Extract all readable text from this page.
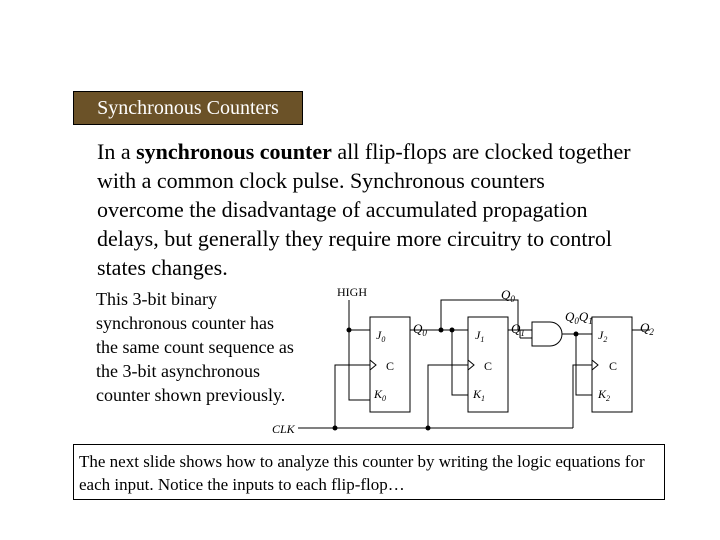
Synchronous Counters
In a synchronous counter all flip-flops are clocked together with a common clock pulse. Synchronous counters overcome the disadvantage of accumulated propagation delays, but generally they require more circuitry to control states changes.
This 3-bit binary synchronous counter has the same count sequence as the 3-bit asynchronous counter shown previously.
HIGH
CLK
$Q_0$
$Q_0Q_1$
$J_0$
C
$K_0$
$Q_0$	$J_1$
C
$K_1$
$Q_1$	$J_2$
C
$K_2$
$Q_2$
The next slide shows how to analyze this counter by writing the logic equations for each input. Notice the inputs to each flip-flop…
